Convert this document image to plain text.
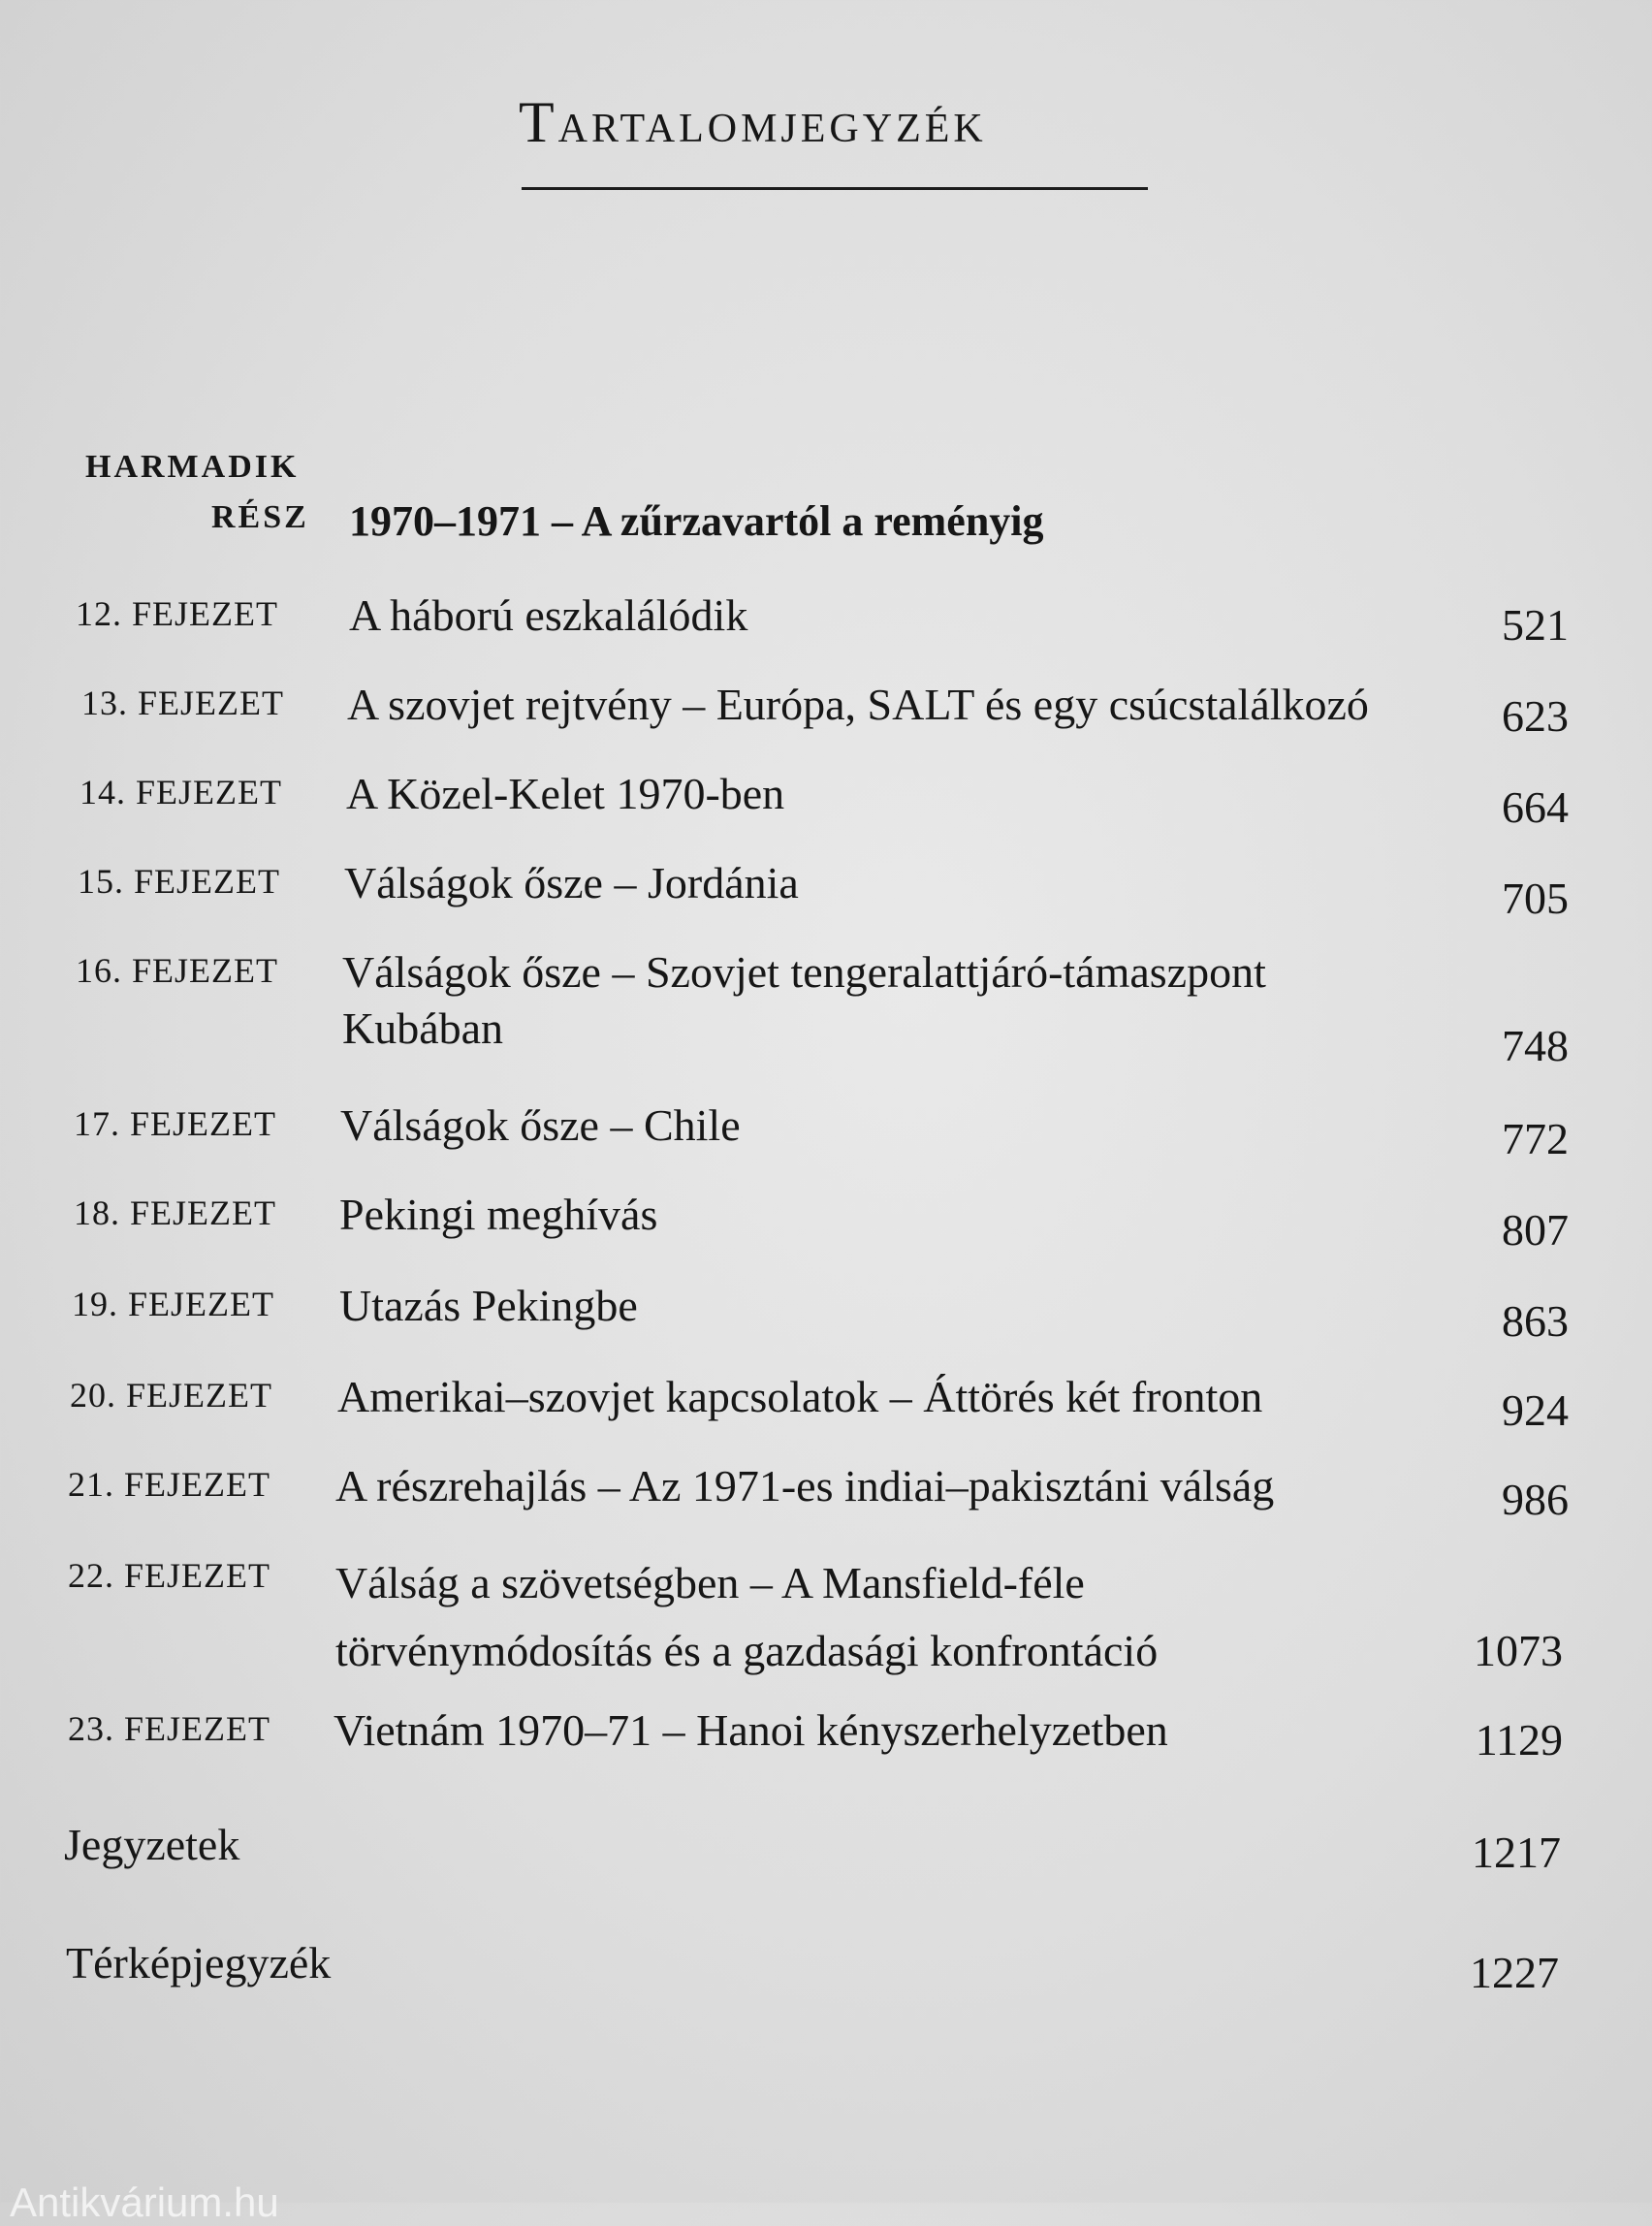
Tartalomjegyzék
HARMADIK
RÉSZ 1970–1971 – A zűrzavartól a reményig
12. FEJEZET A háború eszkalálódik	521
13. FEJEZET A szovjet rejtvény – Európa, SALT és egy csúcstalálkozó	623
14. FEJEZET A Közel-Kelet 1970-ben	664
15. FEJEZET Válságok ősze – Jordánia	705
16. FEJEZET Válságok ősze – Szovjet tengeralattjáró-támaszpont Kubában	748
17. FEJEZET Válságok ősze – Chile	772
18. FEJEZET Pekingi meghívás	807
19. FEJEZET Utazás Pekingbe	863
20. FEJEZET Amerikai–szovjet kapcsolatok – Áttörés két fronton	924
21. FEJEZET A részrehajlás – Az 1971-es indiai–pakisztáni válság	986
22. FEJEZET Válság a szövetségben – A Mansfield-féle törvénymódosítás és a gazdasági konfrontáció	1073
23. FEJEZET Vietnám 1970–71 – Hanoi kényszerhelyzetben	1129
Jegyzetek	1217
Térképjegyzék	1227
Antikvárium.hu
